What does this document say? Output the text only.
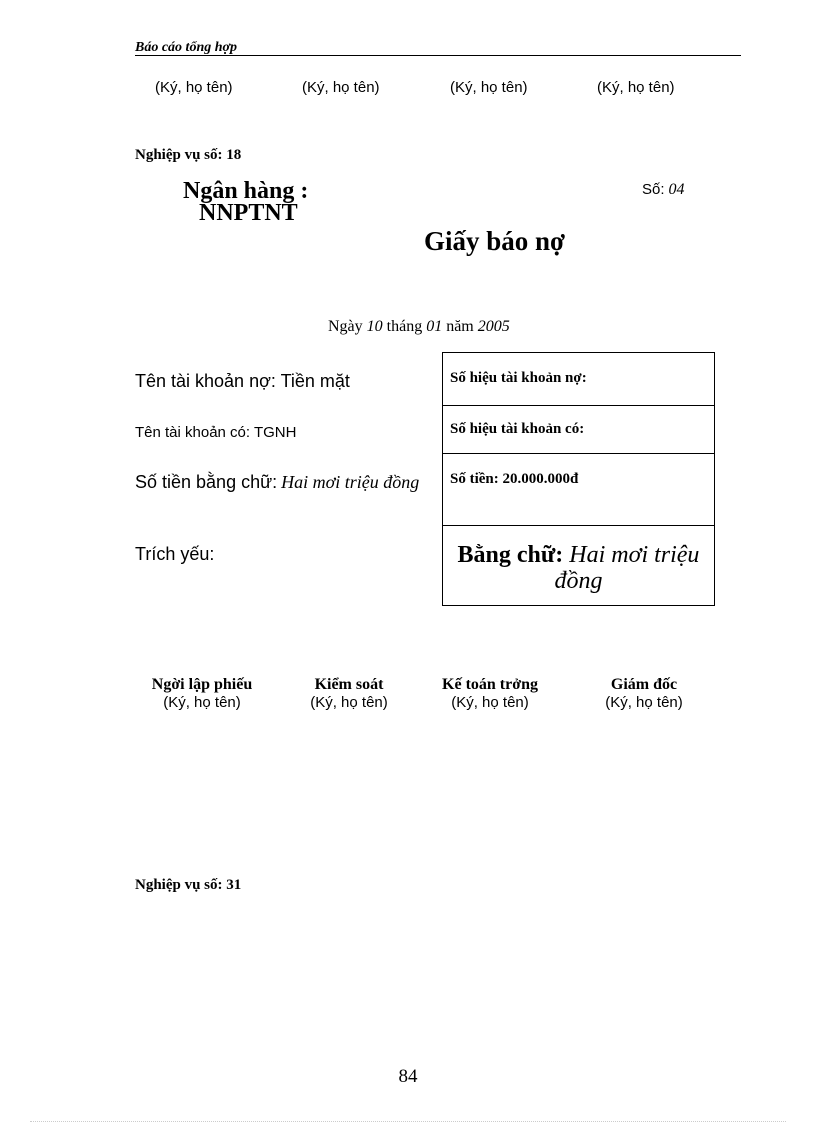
Báo cáo tổng hợp
(Ký, họ tên)	(Ký, họ tên)	(Ký, họ tên)	(Ký, họ tên)
Nghiệp vụ số: 18
Ngân hàng :
NNPTNT
Số: 04
Giấy báo nợ
Ngày 10 tháng 01 năm 2005
Tên tài khoản nợ: Tiền mặt
Tên tài khoản có: TGNH
Số tiền bằng chữ: Hai mơi triệu đồng
Trích yếu:
Số hiệu tài khoản nợ:
Số hiệu tài khoản có:
Số tiền: 20.000.000đ
Bằng chữ: Hai mơi triệu đồng
Ngời lập phiếu
(Ký, họ tên)
Kiểm soát
(Ký, họ tên)
Kế toán trởng
(Ký, họ tên)
Giám đốc
(Ký, họ tên)
Nghiệp vụ số: 31
84
